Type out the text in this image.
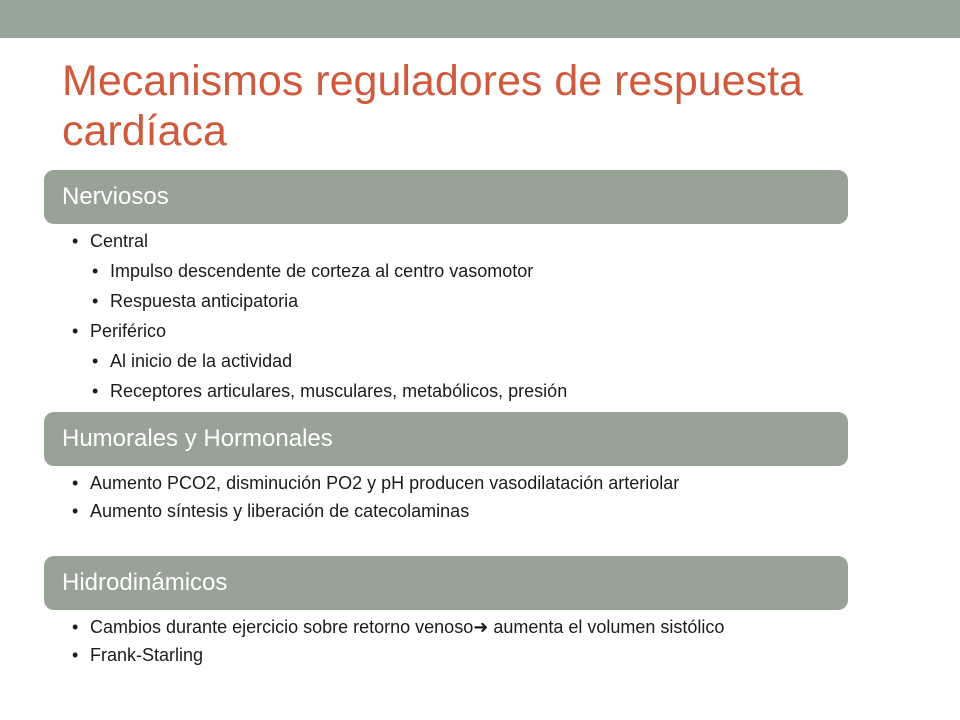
Mecanismos reguladores de respuesta cardíaca
Nerviosos
• Central
• Impulso descendente de corteza al centro vasomotor
• Respuesta anticipatoria
• Periférico
• Al inicio de la actividad
• Receptores articulares, musculares, metabólicos, presión
Humorales y Hormonales
• Aumento PCO2, disminución PO2 y pH producen vasodilatación arteriolar
• Aumento síntesis y liberación de catecolaminas
Hidrodinámicos
• Cambios durante ejercicio sobre retorno venoso➜ aumenta el volumen sistólico
• Frank-Starling
